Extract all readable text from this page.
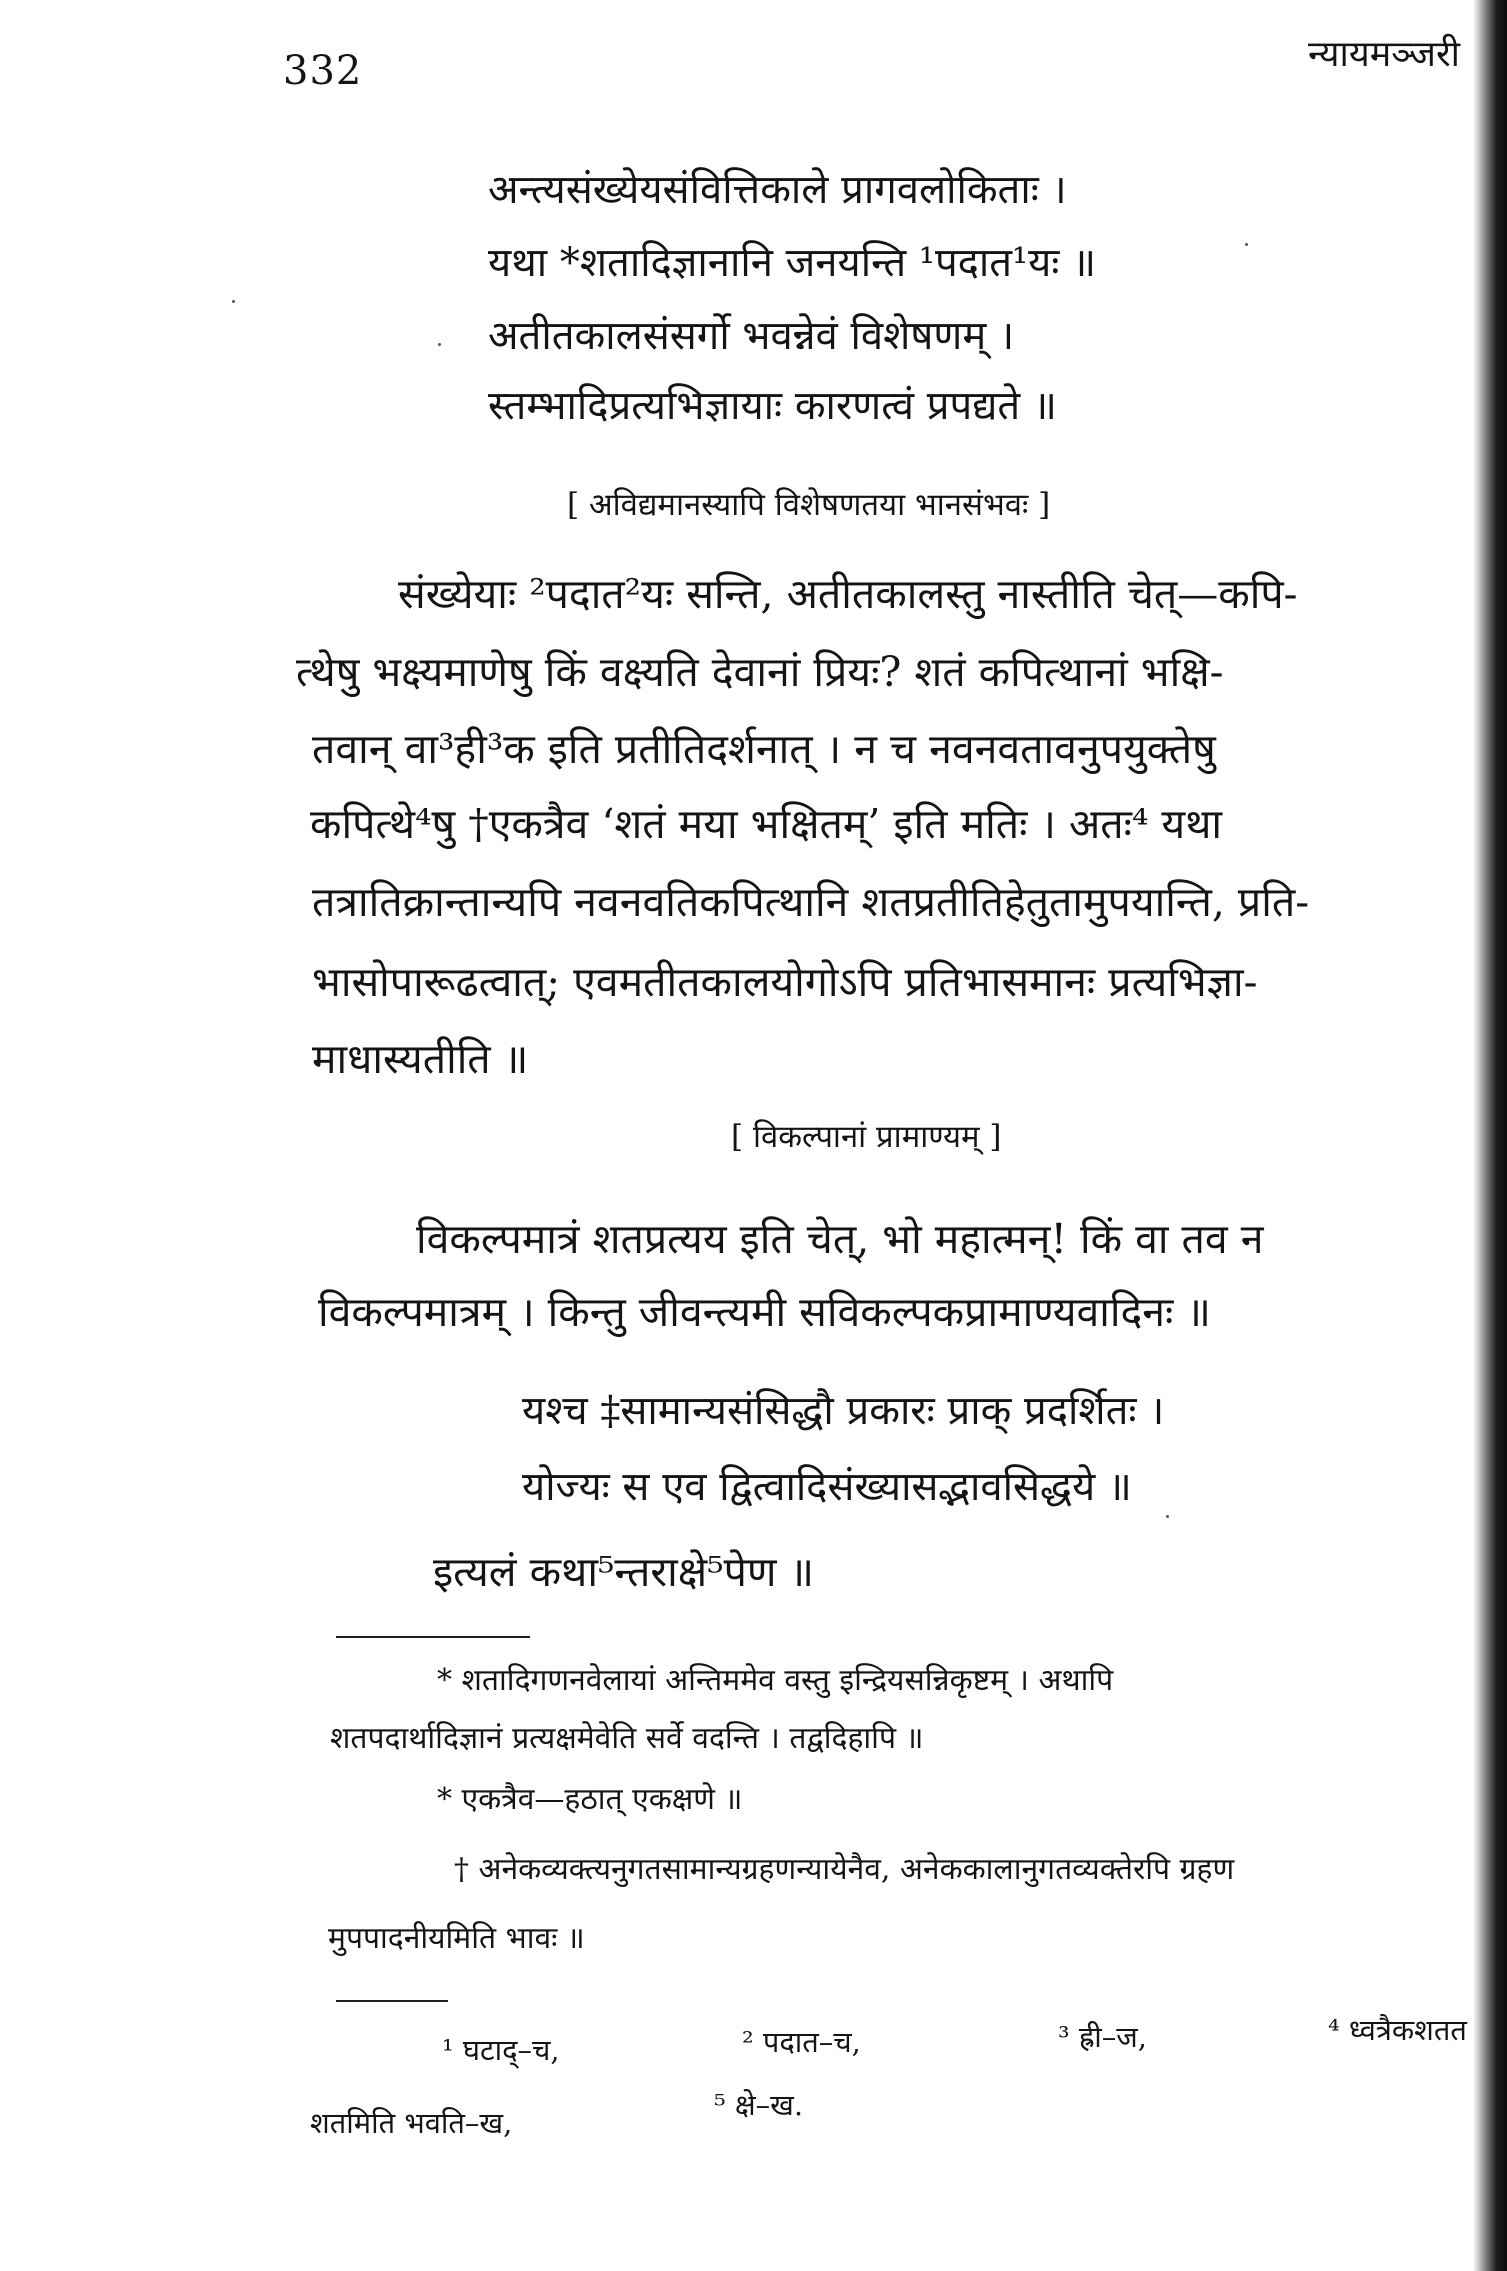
332	न्यायमञ्जरी
अन्त्यसंख्येयसंवित्तिकाले प्रागवलोकिताः ।
यथा *शतादिज्ञानानि जनयन्ति ¹पदात¹यः ॥
अतीतकालसंसर्गो भवन्नेवं विशेषणम् ।
स्तम्भादिप्रत्यभिज्ञायाः कारणत्वं प्रपद्यते ॥
[ अविद्यमानस्यापि विशेषणतया भानसंभवः ]
संख्येयाः ²पदात²यः सन्ति, अतीतकालस्तु नास्तीति चेत्—कपि-
त्थेषु भक्ष्यमाणेषु किं वक्ष्यति देवानां प्रियः? शतं कपित्थानां भक्षि-
तवान् वा³ही³क इति प्रतीतिदर्शनात् । न च नवनवतावनुपयुक्तेषु
कपित्थे⁴षु †एकत्रैव ‘शतं मया भक्षितम्’ इति मतिः । अतः⁴ यथा
तत्रातिक्रान्तान्यपि नवनवतिकपित्थानि शतप्रतीतिहेतुतामुपयान्ति, प्रति-
भासोपारूढत्वात्; एवमतीतकालयोगोऽपि प्रतिभासमानः प्रत्यभिज्ञा-
माधास्यतीति ॥
[ विकल्पानां प्रामाण्यम् ]
विकल्पमात्रं शतप्रत्यय इति चेत्, भो महात्मन्! किं वा तव न
विकल्पमात्रम् । किन्तु जीवन्त्यमी सविकल्पकप्रामाण्यवादिनः ॥
यश्च ‡सामान्यसंसिद्धौ प्रकारः प्राक् प्रदर्शितः ।
योज्यः स एव द्वित्वादिसंख्यासद्भावसिद्धये ॥
इत्यलं कथा⁵न्तराक्षे⁵पेण ॥
* शतादिगणनवेलायां अन्तिममेव वस्तु इन्द्रियसन्निकृष्टम् । अथापि
शतपदार्थादिज्ञानं प्रत्यक्षमेवेति सर्वे वदन्ति । तद्वदिहापि ॥
* एकत्रैव—हठात् एकक्षणे ॥
† अनेकव्यक्त्यनुगतसामान्यग्रहणन्यायेनैव, अनेककालानुगतव्यक्तेरपि ग्रहण
मुपपादनीयमिति भावः ॥
¹ घटाद्–च,	² पदात–च,	³ ह्री–ज,	⁴ ध्वत्रैकशतत
शतमिति भवति–ख,
⁵ क्षे–ख.
